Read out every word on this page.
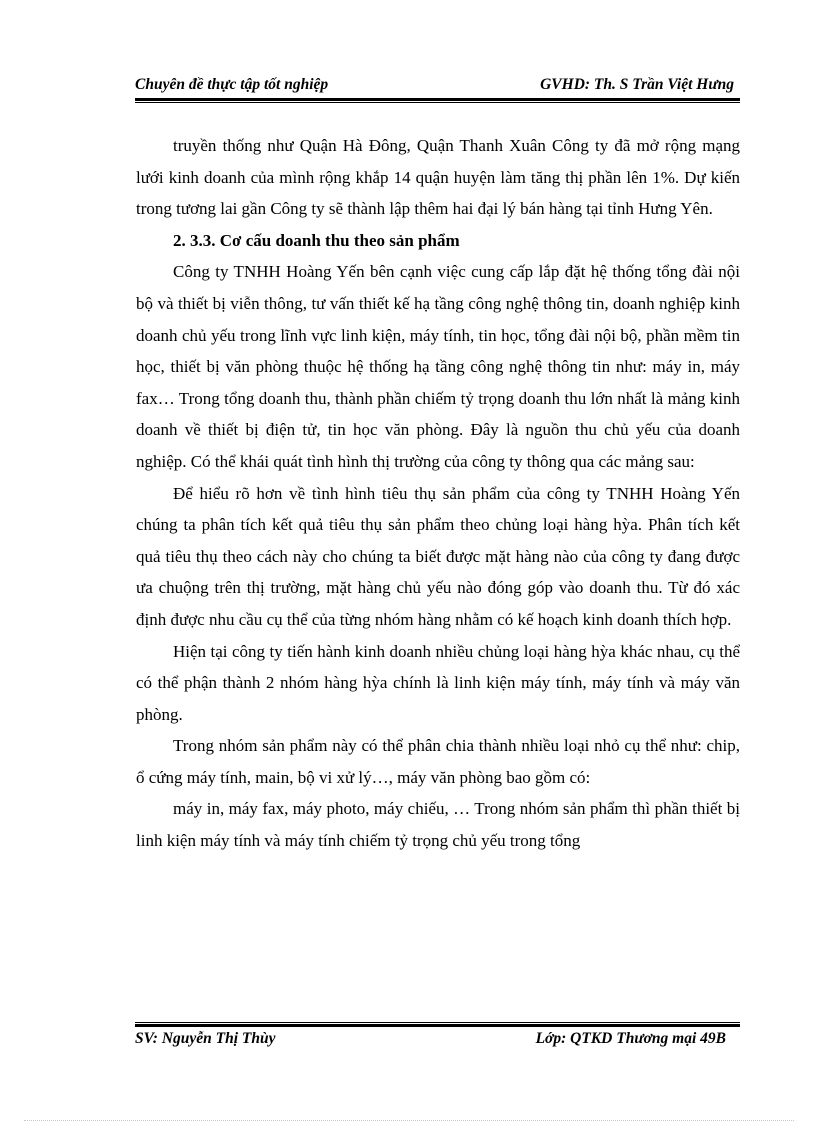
Chuyên đề thực tập tốt nghiệp	GVHD: Th. S Trần Việt Hưng

truyền thống như Quận Hà Đông, Quận Thanh Xuân Công ty đã mở rộng mạng lưới kinh doanh của mình rộng khắp 14 quận huyện làm tăng thị phần lên 1%. Dự kiến trong tương lai gần Công ty sẽ thành lập thêm hai đại lý bán hàng tại tỉnh Hưng Yên.

2. 3.3. Cơ cấu doanh thu theo sản phẩm

Công ty TNHH Hoàng Yến bên cạnh việc cung cấp lắp đặt hệ thống tổng đài nội bộ và thiết bị viễn thông, tư vấn thiết kế hạ tầng công nghệ thông tin, doanh nghiệp kinh doanh chủ yếu trong lĩnh vực linh kiện, máy tính, tin học, tổng đài nội bộ, phần mềm tin học, thiết bị văn phòng thuộc hệ thống hạ tầng công nghệ thông tin như: máy in, máy fax… Trong tổng doanh thu, thành phần chiếm tỷ trọng doanh thu lớn nhất là mảng kinh doanh về thiết bị điện tử, tin học văn phòng. Đây là nguồn thu chủ yếu của doanh nghiệp. Có thể khái quát tình hình thị trường của công ty thông qua các mảng sau:

Để hiểu rõ hơn về tình hình tiêu thụ sản phẩm của công ty TNHH Hoàng Yến chúng ta phân tích kết quả tiêu thụ sản phẩm theo chủng loại hàng hỳa. Phân tích kết quả tiêu thụ theo cách này cho chúng ta biết được mặt hàng nào của công ty đang được ưa chuộng trên thị trường, mặt hàng chủ yếu nào đóng góp vào doanh thu. Từ đó xác định được nhu cầu cụ thể của từng nhóm hàng nhằm có kế hoạch kinh doanh thích hợp.

Hiện tại công ty tiến hành kinh doanh nhiều chủng loại hàng hỳa khác nhau, cụ thể có thể phận thành 2 nhóm hàng hỳa chính là linh kiện máy tính, máy tính và máy văn phòng.

Trong nhóm sản phẩm này có thể phân chia thành nhiều loại nhỏ cụ thể như: chip, ổ cứng máy tính, main, bộ vi xử lý…, máy văn phòng bao gồm có:

máy in, máy fax, máy photo, máy chiếu, … Trong nhóm sản phẩm thì phần thiết bị linh kiện máy tính và máy tính chiếm tỷ trọng chủ yếu trong tổng

SV: Nguyễn Thị Thùy	Lớp: QTKD Thương mại 49B
